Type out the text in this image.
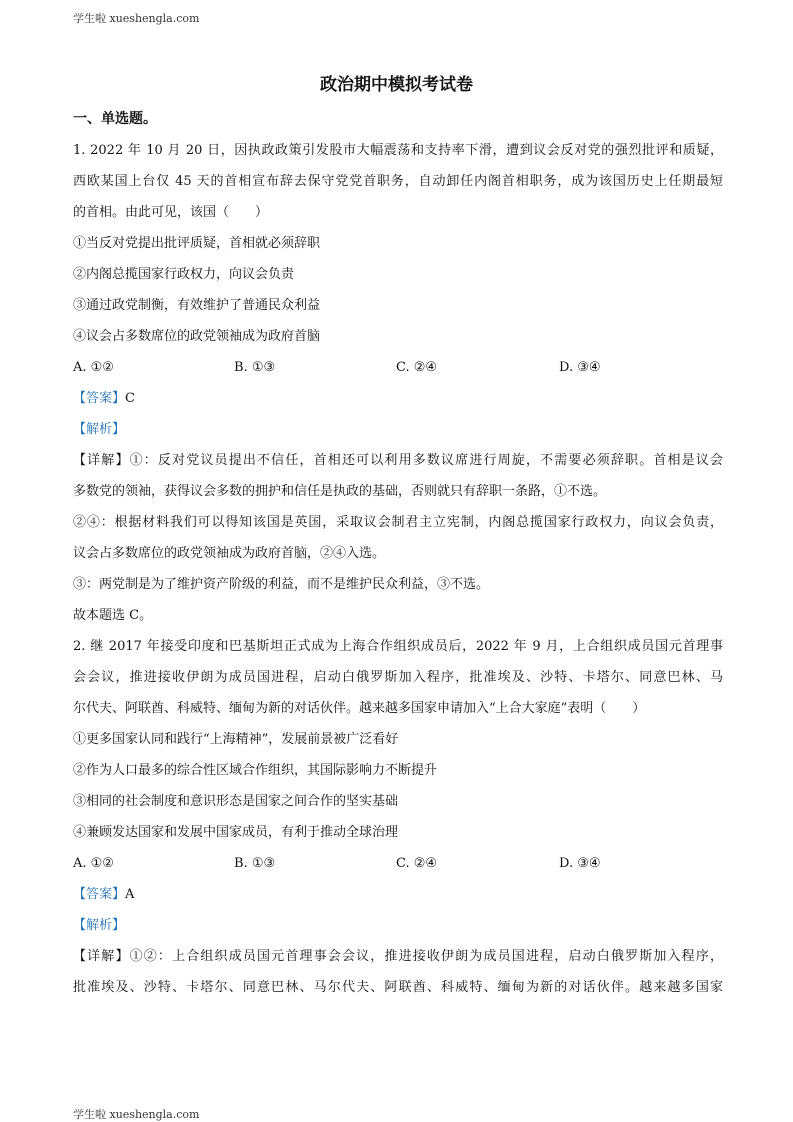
学生啦 xueshengla.com
政治期中模拟考试卷
一、单选题。
1. 2022 年 10 月 20 日，因执政政策引发股市大幅震荡和支持率下滑，遭到议会反对党的强烈批评和质疑，
西欧某国上台仅 45 天的首相宣布辞去保守党党首职务，自动卸任内阁首相职务，成为该国历史上任期最短
的首相。由此可见，该国（　　）
①当反对党提出批评质疑，首相就必须辞职
②内阁总揽国家行政权力，向议会负责
③通过政党制衡，有效维护了普通民众利益
④议会占多数席位的政党领袖成为政府首脑
A. ①②	B. ①③	C. ②④	D. ③④
【答案】C
【解析】
【详解】①：反对党议员提出不信任，首相还可以利用多数议席进行周旋，不需要必须辞职。首相是议会
多数党的领袖，获得议会多数的拥护和信任是执政的基础，否则就只有辞职一条路，①不选。
②④：根据材料我们可以得知该国是英国，采取议会制君主立宪制，内阁总揽国家行政权力，向议会负责，
议会占多数席位的政党领袖成为政府首脑，②④入选。
③：两党制是为了维护资产阶级的利益，而不是维护民众利益，③不选。
故本题选 C。
2. 继 2017 年接受印度和巴基斯坦正式成为上海合作组织成员后，2022 年 9 月，上合组织成员国元首理事
会会议，推进接收伊朗为成员国进程，启动白俄罗斯加入程序，批准埃及、沙特、卡塔尔、同意巴林、马
尔代夫、阿联酋、科威特、缅甸为新的对话伙伴。越来越多国家申请加入“上合大家庭”表明（　　）
①更多国家认同和践行“上海精神”，发展前景被广泛看好
②作为人口最多的综合性区域合作组织，其国际影响力不断提升
③相同的社会制度和意识形态是国家之间合作的坚实基础
④兼顾发达国家和发展中国家成员，有利于推动全球治理
A. ①②	B. ①③	C. ②④	D. ③④
【答案】A
【解析】
【详解】①②：上合组织成员国元首理事会会议，推进接收伊朗为成员国进程，启动白俄罗斯加入程序，
批准埃及、沙特、卡塔尔、同意巴林、马尔代夫、阿联酋、科威特、缅甸为新的对话伙伴。越来越多国家
学生啦 xueshengla.com
